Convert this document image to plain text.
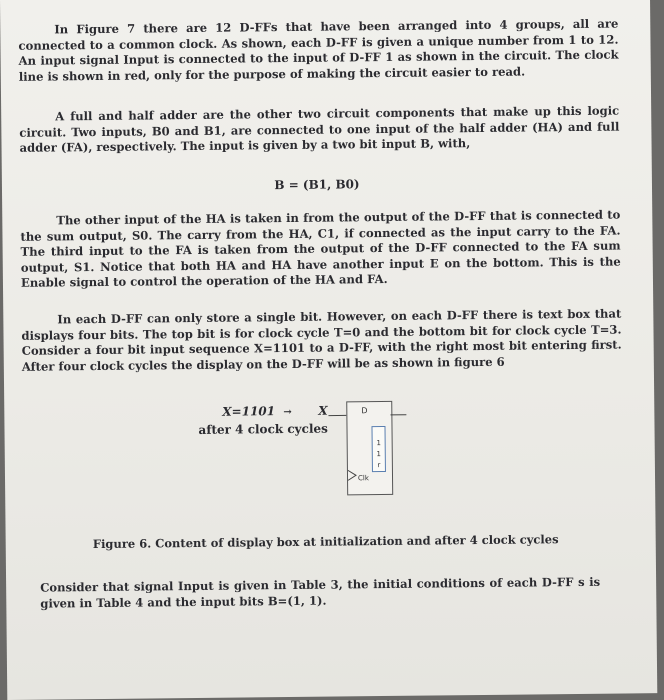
In Figure 7 there are 12 D-FFs that have been arranged into 4 groups, all are connected to a common clock. As shown, each D-FF is given a unique number from 1 to 12. An input signal Input is connected to the input of D-FF 1 as shown in the circuit. The clock line is shown in red, only for the purpose of making the circuit easier to read.
A full and half adder are the other two circuit components that make up this logic circuit. Two inputs, B0 and B1, are connected to one input of the half adder (HA) and full adder (FA), respectively. The input is given by a two bit input B, with,
B = (B1, B0)
The other input of the HA is taken in from the output of the D-FF that is connected to the sum output, S0. The carry from the HA, C1, if connected as the input carry to the FA. The third input to the FA is taken from the output of the D-FF connected to the FA sum output, S1. Notice that both HA and HA have another input E on the bottom. This is the Enable signal to control the operation of the HA and FA.
In each D-FF can only store a single bit. However, on each D-FF there is text box that displays four bits. The top bit is for clock cycle T=0 and the bottom bit for clock cycle T=3. Consider a four bit input sequence X=1101 to a D-FF, with the right most bit entering first. After four clock cycles the display on the D-FF will be as shown in figure 6
X=1101 →
after 4 clock cycles
X	D
1
1
r
Clk
Figure 6. Content of display box at initialization and after 4 clock cycles
Consider that signal Input is given in Table 3, the initial conditions of each D-FF s is given in Table 4 and the input bits B=(1, 1).
